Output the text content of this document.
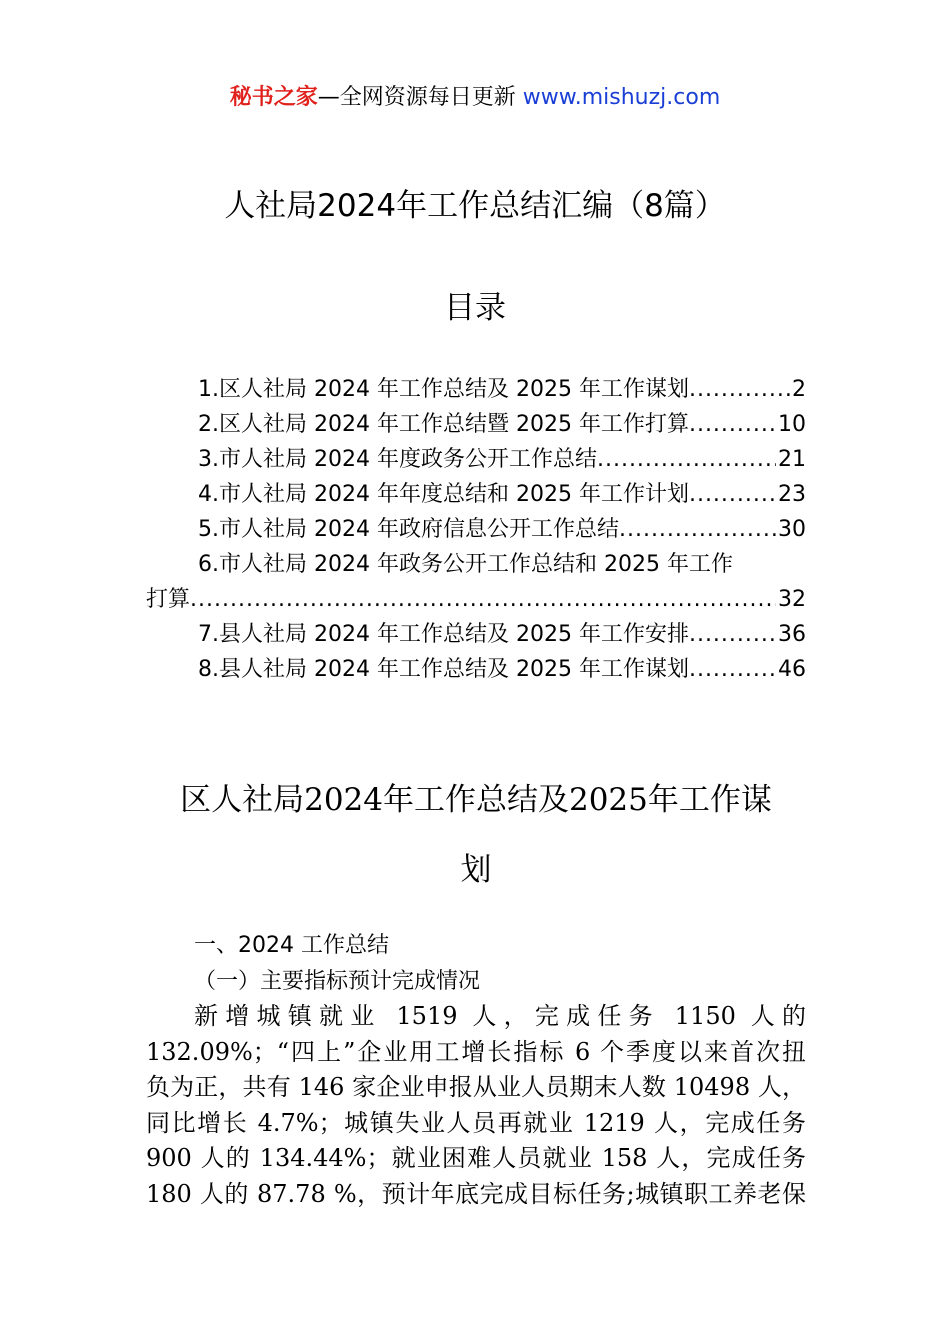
秘书之家—全网资源每日更新 www.mishuzj.com
人社局2024年工作总结汇编（8篇）
目录
1.区人社局 2024 年工作总结及 2025 年工作谋划 .....	2
2.区人社局 2024 年工作总结暨 2025 年工作打算 .....	10
3.市人社局 2024 年度政务公开工作总结 .....	21
4.市人社局 2024 年年度总结和 2025 年工作计划 .....	23
5.市人社局 2024 年政府信息公开工作总结 .....	30
6.市人社局 2024 年政务公开工作总结和 2025 年工作
打算 .....	32
7.县人社局 2024 年工作总结及 2025 年工作安排 .....	36
8.县人社局 2024 年工作总结及 2025 年工作谋划 .....	46
区人社局2024年工作总结及2025年工作谋
划
一、2024 工作总结
（一）主要指标预计完成情况
新增城镇就业 1519 人，完成任务 1150 人的
132.09%；“四上”企业用工增长指标 6 个季度以来首次扭
负为正，共有 146 家企业申报从业人员期末人数 10498 人，
同比增长 4.7%；城镇失业人员再就业 1219 人，完成任务
900 人的 134.44%；就业困难人员就业 158 人，完成任务
180 人的 87.78 %，预计年底完成目标任务;城镇职工养老保
